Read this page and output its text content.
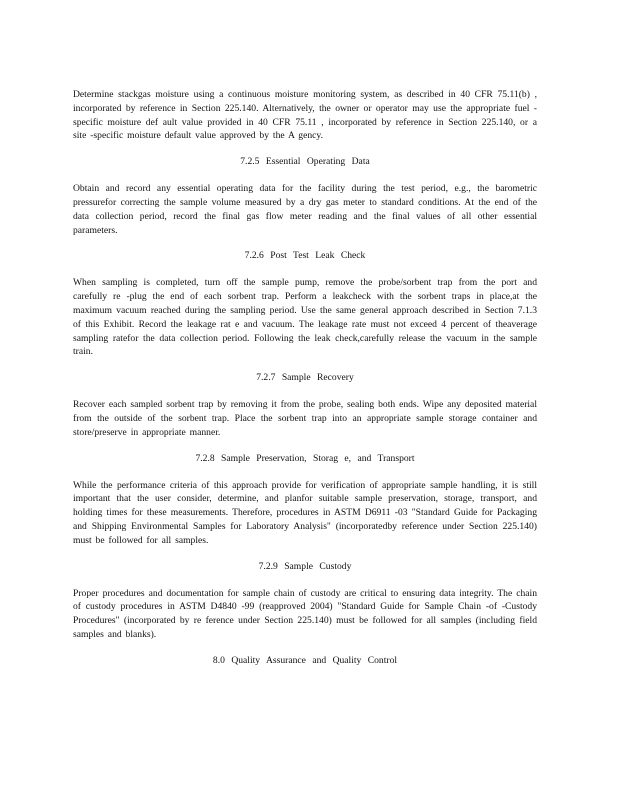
Determine stackgas moisture using a continuous moisture monitoring system, as described in 40 CFR 75.11(b) , incorporated by reference in Section 225.140. Alternatively, the owner or operator may use the appropriate fuel -specific moisture def ault value provided in 40 CFR 75.11 , incorporated by reference in Section 225.140, or a site -specific moisture default value approved by the A gency.

7.2.5 Essential Operating Data

Obtain and record any essential operating data for the facility during the test period, e.g., the barometric pressurefor correcting the sample volume measured by a dry gas meter to standard conditions. At the end of the data collection period, record the final gas flow meter reading and the final values of all other essential parameters.

7.2.6 Post Test Leak Check

When sampling is completed, turn off the sample pump, remove the probe/sorbent trap from the port and carefully re -plug the end of each sorbent trap. Perform a leakcheck with the sorbent traps in place,at the maximum vacuum reached during the sampling period. Use the same general approach described in Section 7.1.3 of this Exhibit. Record the leakage rat e and vacuum. The leakage rate must not exceed 4 percent of theaverage sampling ratefor the data collection period. Following the leak check,carefully release the vacuum in the sample train.

7.2.7 Sample Recovery

Recover each sampled sorbent trap by removing it from the probe, sealing both ends. Wipe any deposited material from the outside of the sorbent trap. Place the sorbent trap into an appropriate sample storage container and store/preserve in appropriate manner.

7.2.8 Sample Preservation, Storag e, and Transport

While the performance criteria of this approach provide for verification of appropriate sample handling, it is still important that the user consider, determine, and planfor suitable sample preservation, storage, transport, and holding times for these measurements. Therefore, procedures in ASTM D6911 -03 "Standard Guide for Packaging and Shipping Environmental Samples for Laboratory Analysis" (incorporatedby reference under Section 225.140) must be followed for all samples.

7.2.9 Sample Custody

Proper procedures and documentation for sample chain of custody are critical to ensuring data integrity. The chain of custody procedures in ASTM D4840 -99 (reapproved 2004) "Standard Guide for Sample Chain -of -Custody Procedures" (incorporated by re ference under Section 225.140) must be followed for all samples (including field samples and blanks).

8.0 Quality Assurance and Quality Control
